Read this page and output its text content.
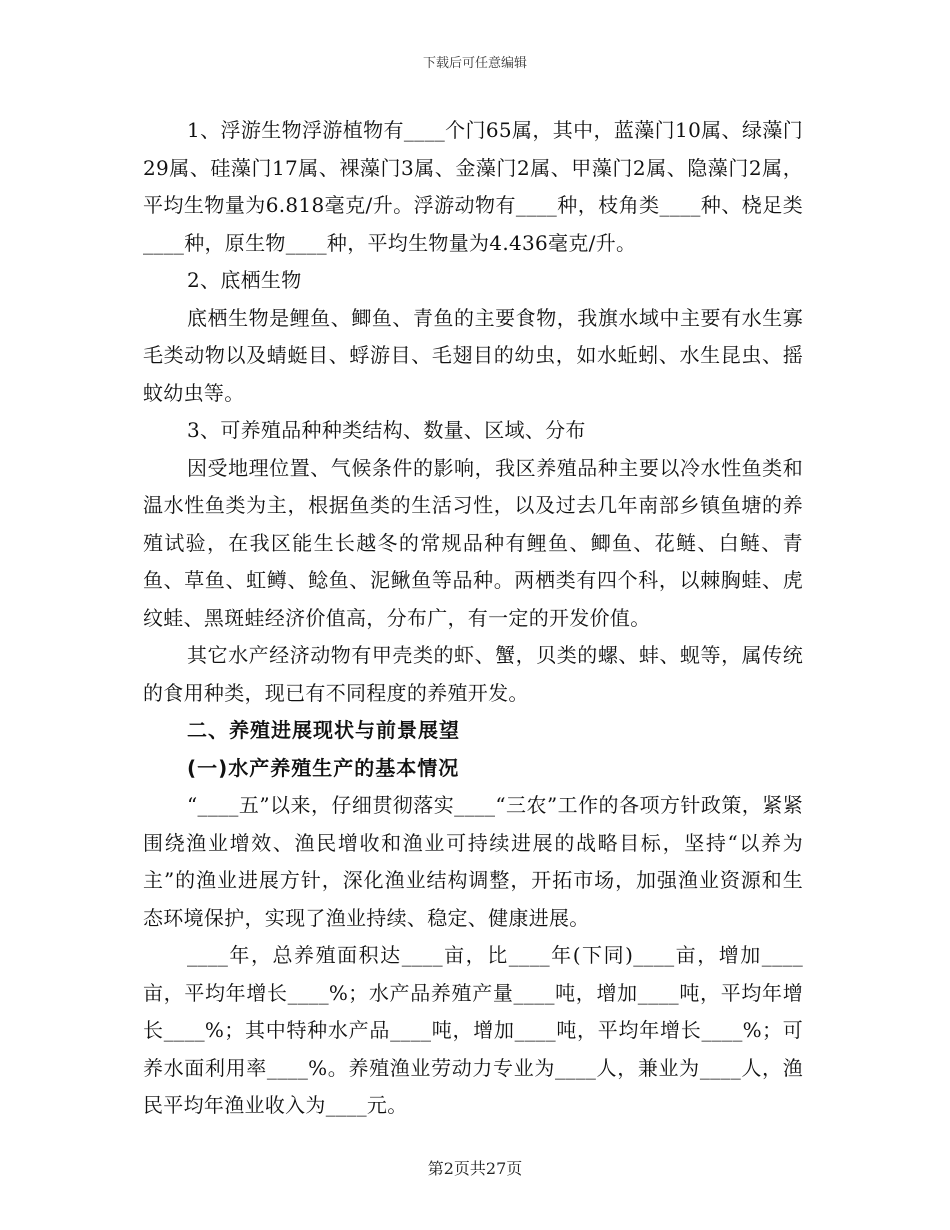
下载后可任意编辑

1、浮游生物浮游植物有____个门65属，其中，蓝藻门10属、绿藻门29属、硅藻门17属、裸藻门3属、金藻门2属、甲藻门2属、隐藻门2属，平均生物量为6.818毫克/升。浮游动物有____种，枝角类____种、桡足类____种，原生物____种，平均生物量为4.436毫克/升。

2、底栖生物

底栖生物是鲤鱼、鲫鱼、青鱼的主要食物，我旗水域中主要有水生寡毛类动物以及蜻蜓目、蜉游目、毛翅目的幼虫，如水蚯蚓、水生昆虫、摇蚊幼虫等。

3、可养殖品种种类结构、数量、区域、分布

因受地理位置、气候条件的影响，我区养殖品种主要以冷水性鱼类和温水性鱼类为主，根据鱼类的生活习性，以及过去几年南部乡镇鱼塘的养殖试验，在我区能生长越冬的常规品种有鲤鱼、鲫鱼、花鲢、白鲢、青鱼、草鱼、虹鳟、鲶鱼、泥鳅鱼等品种。两栖类有四个科，以棘胸蛙、虎纹蛙、黑斑蛙经济价值高，分布广，有一定的开发价值。

其它水产经济动物有甲壳类的虾、蟹，贝类的螺、蚌、蚬等，属传统的食用种类，现已有不同程度的养殖开发。

二、养殖进展现状与前景展望

(一)水产养殖生产的基本情况

“____五”以来，仔细贯彻落实____“三农”工作的各项方针政策，紧紧围绕渔业增效、渔民增收和渔业可持续进展的战略目标，坚持“以养为主”的渔业进展方针，深化渔业结构调整，开拓市场，加强渔业资源和生态环境保护，实现了渔业持续、稳定、健康进展。

____年，总养殖面积达____亩，比____年(下同)____亩，增加____亩，平均年增长____%；水产品养殖产量____吨，增加____吨，平均年增长____%；其中特种水产品____吨，增加____吨，平均年增长____%；可养水面利用率____%。养殖渔业劳动力专业为____人，兼业为____人，渔民平均年渔业收入为____元。

第2页共27页
